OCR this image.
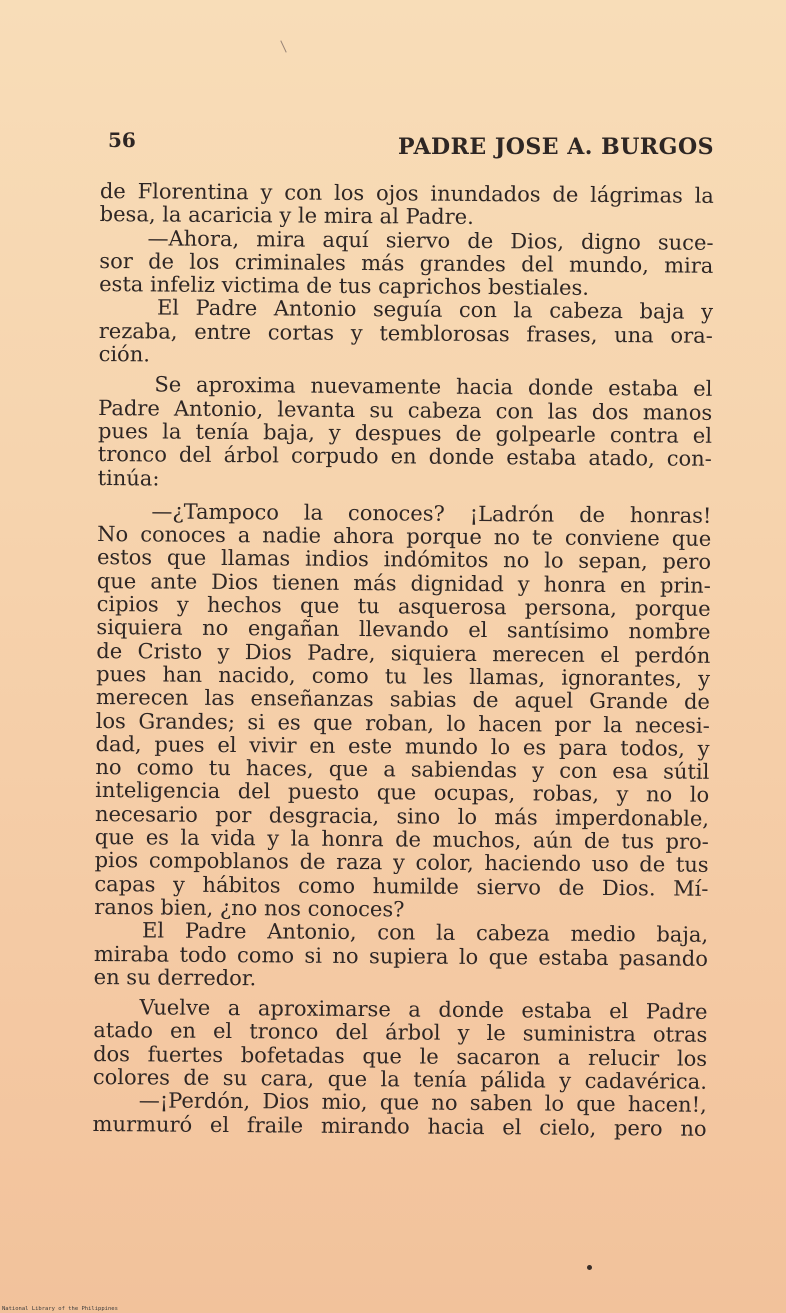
56	PADRE JOSE A. BURGOS
de Florentina y con los ojos inundados de lágrimas la
besa, la acaricia y le mira al Padre.
—Ahora, mira aquí siervo de Dios, digno suce-
sor de los criminales más grandes del mundo, mira
esta infeliz victima de tus caprichos bestiales.
El Padre Antonio seguía con la cabeza baja y
rezaba, entre cortas y temblorosas frases, una ora-
ción.
Se aproxima nuevamente hacia donde estaba el
Padre Antonio, levanta su cabeza con las dos manos
pues la tenía baja, y despues de golpearle contra el
tronco del árbol corpudo en donde estaba atado, con-
tinúa:
—¿Tampoco la conoces? ¡Ladrón de honras!
No conoces a nadie ahora porque no te conviene que
estos que llamas indios indómitos no lo sepan, pero
que ante Dios tienen más dignidad y honra en prin-
cipios y hechos que tu asquerosa persona, porque
siquiera no engañan llevando el santísimo nombre
de Cristo y Dios Padre, siquiera merecen el perdón
pues han nacido, como tu les llamas, ignorantes, y
merecen las enseñanzas sabias de aquel Grande de
los Grandes; si es que roban, lo hacen por la necesi-
dad, pues el vivir en este mundo lo es para todos, y
no como tu haces, que a sabiendas y con esa sútil
inteligencia del puesto que ocupas, robas, y no lo
necesario por desgracia, sino lo más imperdonable,
que es la vida y la honra de muchos, aún de tus pro-
pios compoblanos de raza y color, haciendo uso de tus
capas y hábitos como humilde siervo de Dios. Mí-
ranos bien, ¿no nos conoces?
El Padre Antonio, con la cabeza medio baja,
miraba todo como si no supiera lo que estaba pasando
en su derredor.
Vuelve a aproximarse a donde estaba el Padre
atado en el tronco del árbol y le suministra otras
dos fuertes bofetadas que le sacaron a relucir los
colores de su cara, que la tenía pálida y cadavérica.
—¡Perdón, Dios mio, que no saben lo que hacen!,
murmuró el fraile mirando hacia el cielo, pero no
National Library of the Philippines
